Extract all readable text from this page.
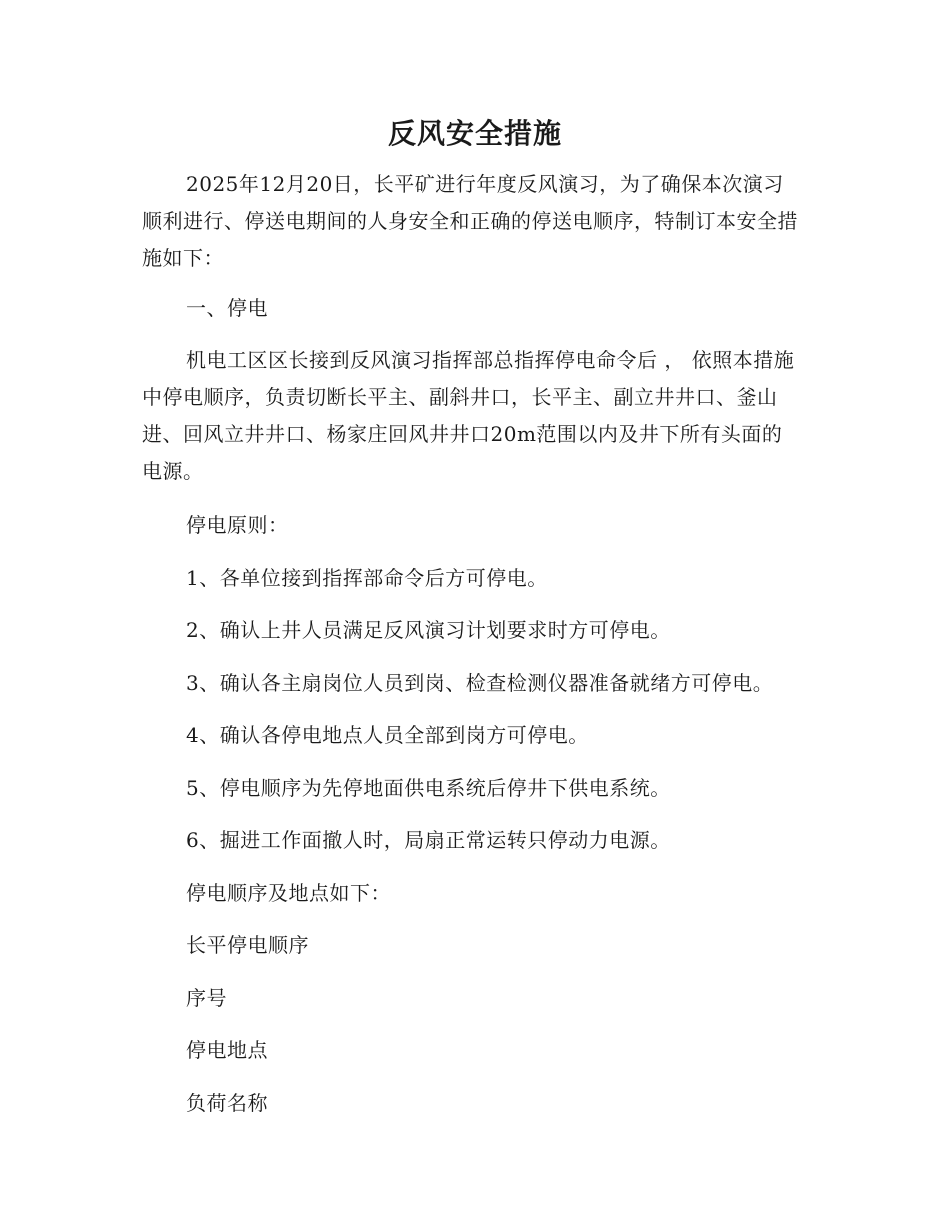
反风安全措施
2025年12月20日，长平矿进行年度反风演习，为了确保本次演习顺利进行、停送电期间的人身安全和正确的停送电顺序，特制订本安全措施如下：
一、停电
机电工区区长接到反风演习指挥部总指挥停电命令后 ， 依照本措施中停电顺序，负责切断长平主、副斜井口，长平主、副立井井口、釜山进、回风立井井口、杨家庄回风井井口20m范围以内及井下所有头面的电源。
停电原则：
1、各单位接到指挥部命令后方可停电。
2、确认上井人员满足反风演习计划要求时方可停电。
3、确认各主扇岗位人员到岗、检查检测仪器准备就绪方可停电。
4、确认各停电地点人员全部到岗方可停电。
5、停电顺序为先停地面供电系统后停井下供电系统。
6、掘进工作面撤人时，局扇正常运转只停动力电源。
停电顺序及地点如下：
长平停电顺序
序号
停电地点
负荷名称
